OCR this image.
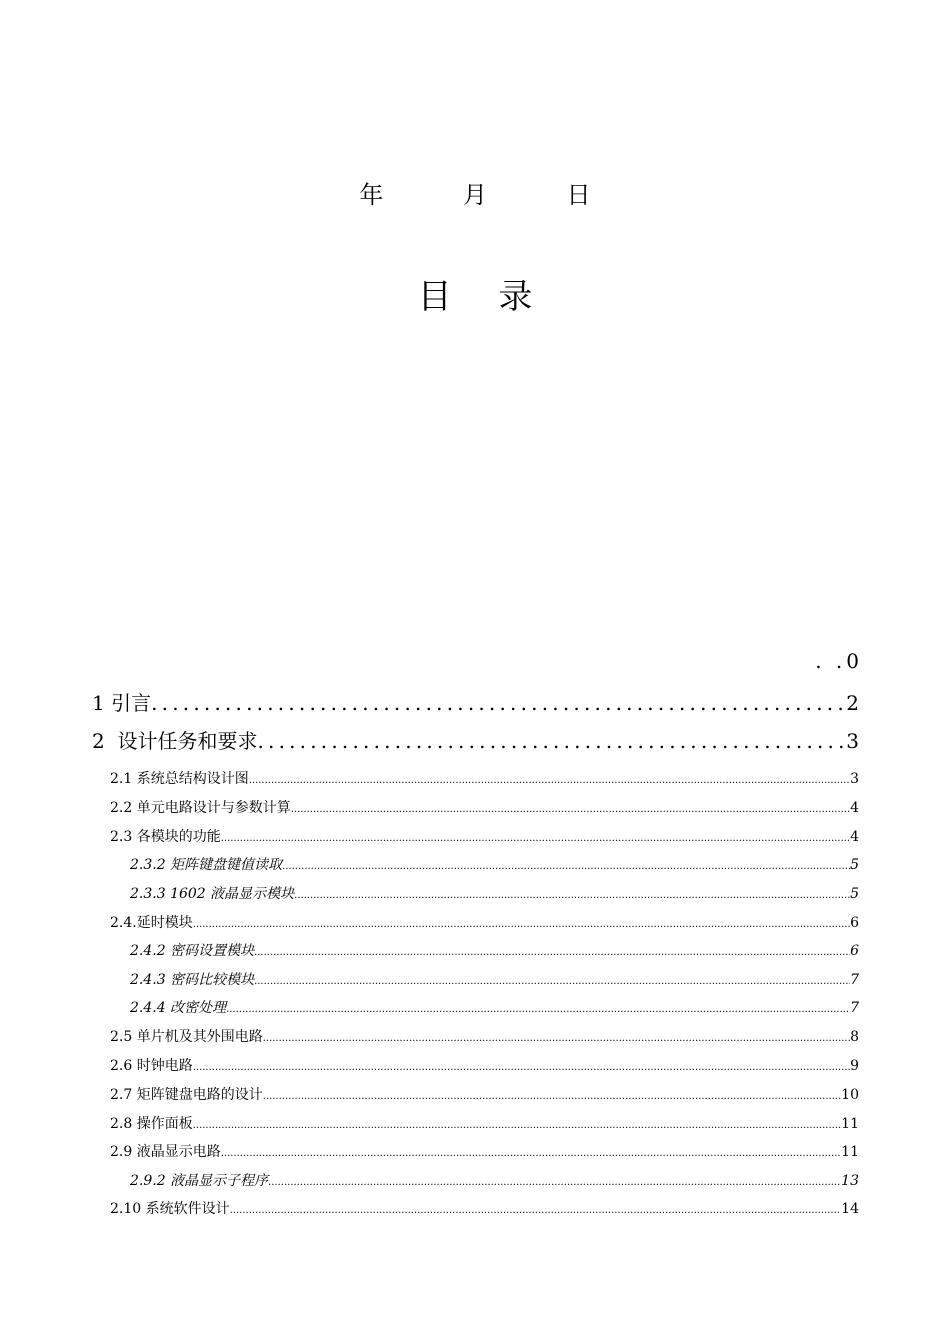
年	月	日
目 录
. .0
1 引言 .....	2
2  设计任务和要求 .....	3
2.1 系统总结构设计图 .....	3
2.2 单元电路设计与参数计算 .....	4
2.3 各模块的功能 .....	4
2.3.2 矩阵键盘键值读取 .....	5
2.3.3 1602 液晶显示模块 .....	5
2.4.延时模块 .....	6
2.4.2 密码设置模块 .....	6
2.4.3 密码比较模块 .....	7
2.4.4 改密处理 .....	7
2.5 单片机及其外围电路 .....	8
2.6 时钟电路 .....	9
2.7 矩阵键盘电路的设计 .....	10
2.8 操作面板 .....	11
2.9 液晶显示电路 .....	11
2.9.2 液晶显示子程序 .....	13
2.10 系统软件设计 .....	14
